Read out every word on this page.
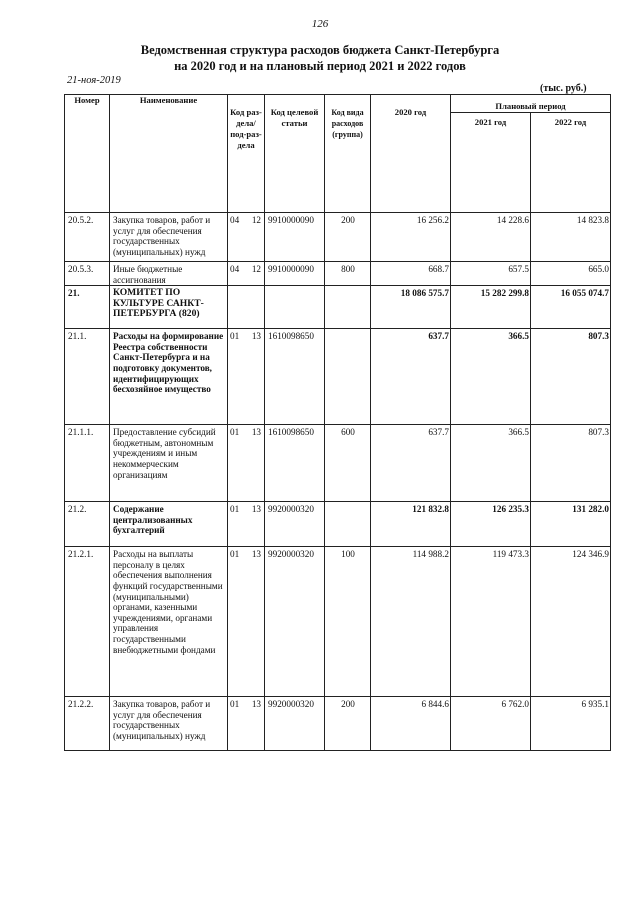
126
Ведомственная структура расходов бюджета Санкт-Петербурга
на 2020 год и на плановый период 2021 и 2022 годов
21-ноя-2019
(тыс. руб.)
Номер	Наименование	Код раз-дела/ под-раз-дела	Код целевой статьи	Код вида расходов (группа)	2020 год	Плановый период	
						2021 год	2022 год
20.5.2.	Закупка товаров, работ и услуг для обеспечения государственных (муниципальных) нужд	04 12	9910000090	200	16 256.2	14 228.6	14 823.8
20.5.3.	Иные бюджетные ассигнования	04 12	9910000090	800	668.7	657.5	665.0
21.	КОМИТЕТ ПО КУЛЬТУРЕ САНКТ-ПЕТЕРБУРГА (820)				18 086 575.7	15 282 299.8	16 055 074.7
21.1.	Расходы на формирование Реестра собственности Санкт-Петербурга и на подготовку документов, идентифицирующих бесхозяйное имущество	01 13	1610098650		637.7	366.5	807.3
21.1.1.	Предоставление субсидий бюджетным, автономным учреждениям и иным некоммерческим организациям	01 13	1610098650	600	637.7	366.5	807.3
21.2.	Содержание централизованных бухгалтерий	01 13	9920000320		121 832.8	126 235.3	131 282.0
21.2.1.	Расходы на выплаты персоналу в целях обеспечения выполнения функций государственными (муниципальными) органами, казенными учреждениями, органами управления государственными внебюджетными фондами	01 13	9920000320	100	114 988.2	119 473.3	124 346.9
21.2.2.	Закупка товаров, работ и услуг для обеспечения государственных (муниципальных) нужд	01 13	9920000320	200	6 844.6	6 762.0	6 935.1
